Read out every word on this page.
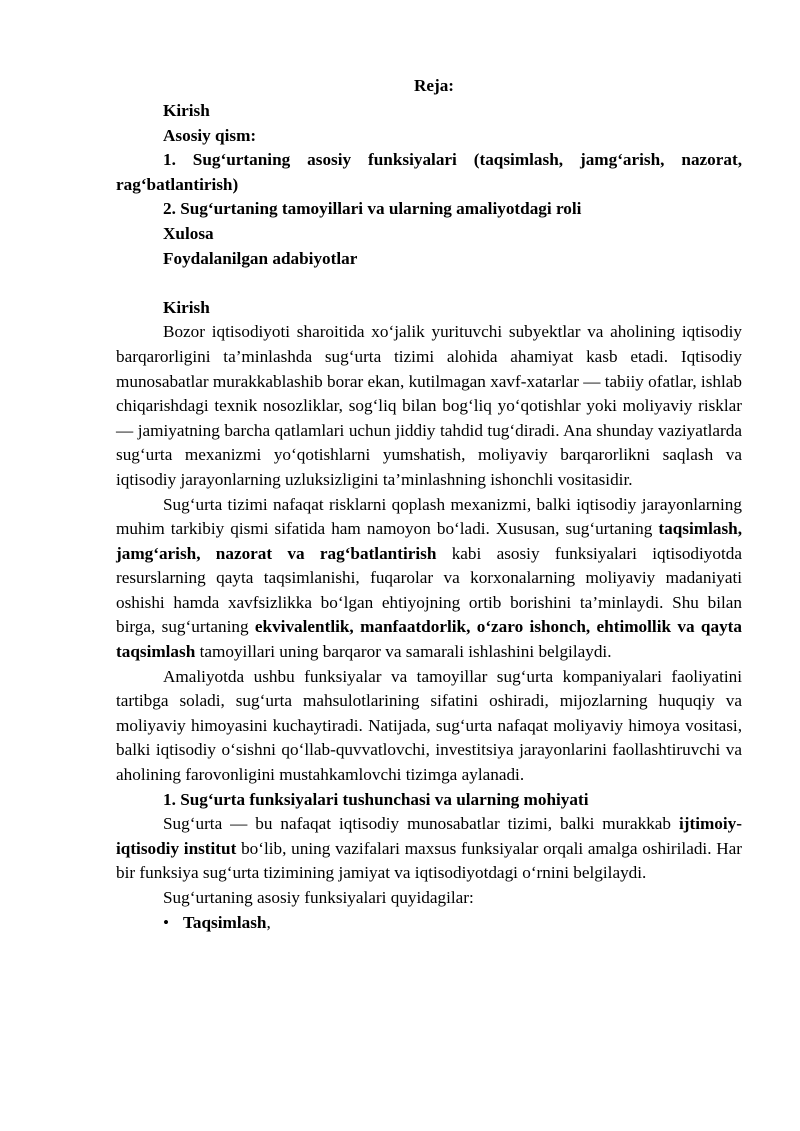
Reja:

Kirish

Asosiy qism:

1. Sug‘urtaning asosiy funksiyalari (taqsimlash, jamg‘arish, nazorat, rag‘batlantirish)

2. Sug‘urtaning tamoyillari va ularning amaliyotdagi roli

Xulosa

Foydalanilgan adabiyotlar

Kirish

Bozor iqtisodiyoti sharoitida xo‘jalik yurituvchi subyektlar va aholining iqtisodiy barqarorligini ta’minlashda sug‘urta tizimi alohida ahamiyat kasb etadi. Iqtisodiy munosabatlar murakkablashib borar ekan, kutilmagan xavf-xatarlar — tabiiy ofatlar, ishlab chiqarishdagi texnik nosozliklar, sog‘liq bilan bog‘liq yo‘qotishlar yoki moliyaviy risklar — jamiyatning barcha qatlamlari uchun jiddiy tahdid tug‘diradi. Ana shunday vaziyatlarda sug‘urta mexanizmi yo‘qotishlarni yumshatish, moliyaviy barqarorlikni saqlash va iqtisodiy jarayonlarning uzluksizligini ta’minlashning ishonchli vositasidir.

Sug‘urta tizimi nafaqat risklarni qoplash mexanizmi, balki iqtisodiy jarayonlarning muhim tarkibiy qismi sifatida ham namoyon bo‘ladi. Xususan, sug‘urtaning taqsimlash, jamg‘arish, nazorat va rag‘batlantirish kabi asosiy funksiyalari iqtisodiyotda resurslarning qayta taqsimlanishi, fuqarolar va korxonalarning moliyaviy madaniyati oshishi hamda xavfsizlikka bo‘lgan ehtiyojning ortib borishini ta’minlaydi. Shu bilan birga, sug‘urtaning ekvivalentlik, manfaatdorlik, o‘zaro ishonch, ehtimollik va qayta taqsimlash tamoyillari uning barqaror va samarali ishlashini belgilaydi.

Amaliyotda ushbu funksiyalar va tamoyillar sug‘urta kompaniyalari faoliyatini tartibga soladi, sug‘urta mahsulotlarining sifatini oshiradi, mijozlarning huquqiy va moliyaviy himoyasini kuchaytiradi. Natijada, sug‘urta nafaqat moliyaviy himoya vositasi, balki iqtisodiy o‘sishni qo‘llab-quvvatlovchi, investitsiya jarayonlarini faollashtiruvchi va aholining farovonligini mustahkamlovchi tizimga aylanadi.

1. Sug‘urta funksiyalari tushunchasi va ularning mohiyati

Sug‘urta — bu nafaqat iqtisodiy munosabatlar tizimi, balki murakkab ijtimoiy-iqtisodiy institut bo‘lib, uning vazifalari maxsus funksiyalar orqali amalga oshiriladi. Har bir funksiya sug‘urta tizimining jamiyat va iqtisodiyotdagi o‘rnini belgilaydi.

Sug‘urtaning asosiy funksiyalari quyidagilar:

• Taqsimlash,
